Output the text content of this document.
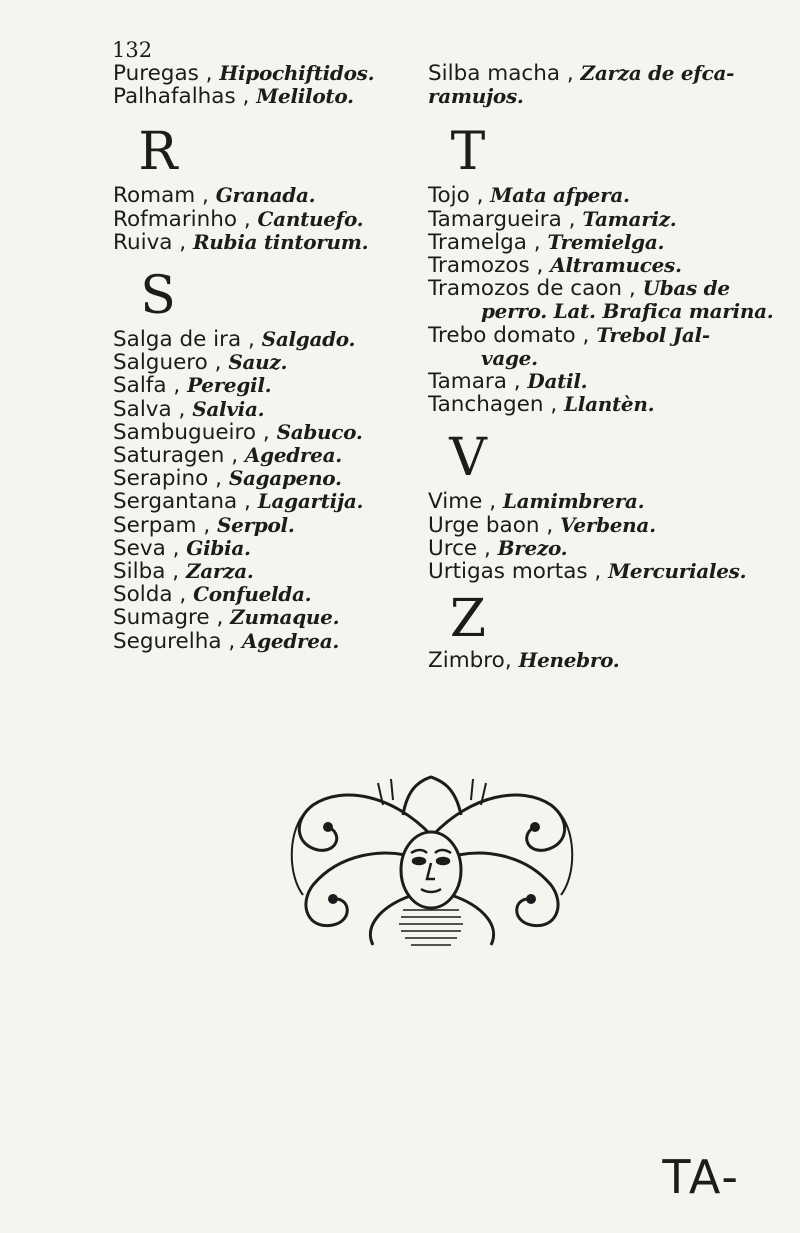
132
Puregas , Hipochiftidos.
Palhafalhas , Meliloto.
R
Romam , Granada.
Rofmarinho , Cantuefo.
Ruiva , Rubia tintorum.
S
Salga de ira , Salgado.
Salguero , Sauz.
Salfa , Peregil.
Salva , Salvia.
Sambugueiro , Sabuco.
Saturagen , Agedrea.
Serapino , Sagapeno.
Sergantana , Lagartija.
Serpam , Serpol.
Seva , Gibia.
Silba , Zarza.
Solda , Confuelda.
Sumagre , Zumaque.
Segurelha , Agedrea.
Silba macha , Zarza de efca-
ramujos.
T
Tojo , Mata afpera.
Tamargueira , Tamariz.
Tramelga , Tremielga.
Tramozos , Altramuces.
Tramozos de caon , Ubas de
perro. Lat. Brafica marina.
Trebo domato , Trebol Jal-
vage.
Tamara , Datil.
Tanchagen , Llantèn.
V
Vime , Lamimbrera.
Urge baon , Verbena.
Urce , Brezo.
Urtigas mortas , Mercuriales.
Z
Zimbro, Henebro.
TA-
